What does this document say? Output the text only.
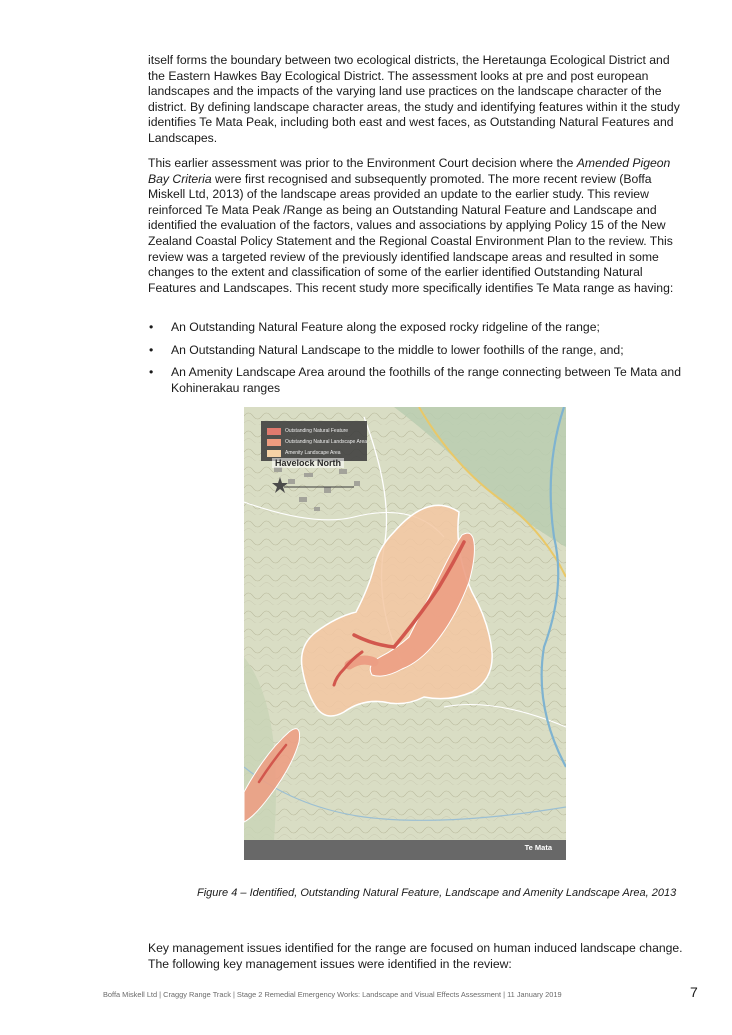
itself forms the boundary between two ecological districts, the Heretaunga Ecological District and the Eastern Hawkes Bay Ecological District. The assessment looks at pre and post european landscapes and the impacts of the varying land use practices on the landscape character of the district. By defining landscape character areas, the study and identifying features within it the study identifies Te Mata Peak, including both east and west faces, as Outstanding Natural Features and Landscapes.

This earlier assessment was prior to the Environment Court decision where the Amended Pigeon Bay Criteria were first recognised and subsequently promoted. The more recent review (Boffa Miskell Ltd, 2013) of the landscape areas provided an update to the earlier study. This review reinforced Te Mata Peak /Range as being an Outstanding Natural Feature and Landscape and identified the evaluation of the factors, values and associations by applying Policy 15 of the New Zealand Coastal Policy Statement and the Regional Coastal Environment Plan to the review. This review was a targeted review of the previously identified landscape areas and resulted in some changes to the extent and classification of some of the earlier identified Outstanding Natural Features and Landscapes. This recent study more specifically identifies Te Mata range as having:

• An Outstanding Natural Feature along the exposed rocky ridgeline of the range;
• An Outstanding Natural Landscape to the middle to lower foothills of the range, and;
• An Amenity Landscape Area around the foothills of the range connecting between Te Mata and Kohinerakau ranges
Outstanding Natural Feature
Outstanding Natural Landscape Area
Amenity Landscape Area
Havelock North
Te Mata

Figure 4 – Identified, Outstanding Natural Feature, Landscape and Amenity Landscape Area, 2013

Key management issues identified for the range are focused on human induced landscape change. The following key management issues were identified in the review:

Boffa Miskell Ltd | Craggy Range Track | Stage 2 Remedial Emergency Works: Landscape and Visual Effects Assessment | 11 January 2019	7
